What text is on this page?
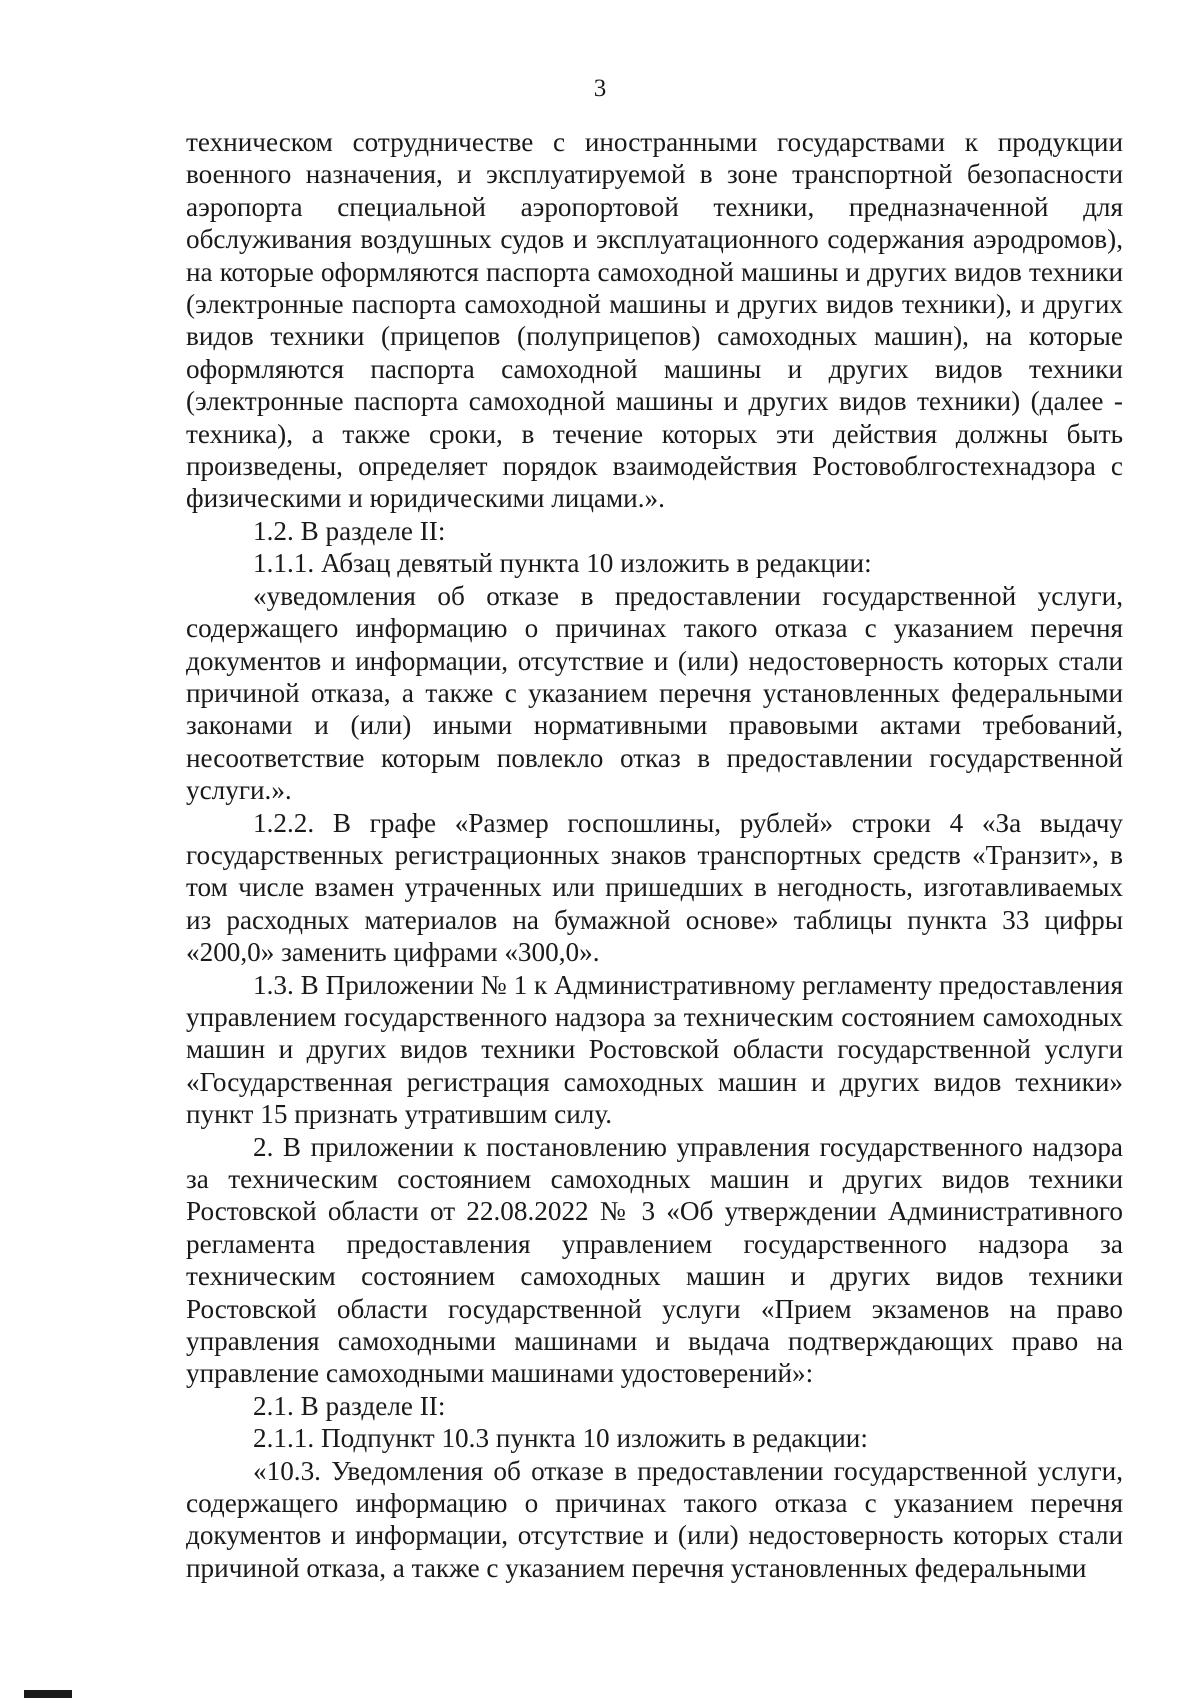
3

техническом сотрудничестве с иностранными государствами к продукции военного назначения, и эксплуатируемой в зоне транспортной безопасности аэропорта специальной аэропортовой техники, предназначенной для обслуживания воздушных судов и эксплуатационного содержания аэродромов), на которые оформляются паспорта самоходной машины и других видов техники (электронные паспорта самоходной машины и других видов техники), и других видов техники (прицепов (полуприцепов) самоходных машин), на которые оформляются паспорта самоходной машины и других видов техники (электронные паспорта самоходной машины и других видов техники) (далее - техника), а также сроки, в течение которых эти действия должны быть произведены, определяет порядок взаимодействия Ростовоблгостехнадзора с физическими и юридическими лицами.».

1.2. В разделе II:

1.1.1. Абзац девятый пункта 10 изложить в редакции:

«уведомления об отказе в предоставлении государственной услуги, содержащего информацию о причинах такого отказа с указанием перечня документов и информации, отсутствие и (или) недостоверность которых стали причиной отказа, а также с указанием перечня установленных федеральными законами и (или) иными нормативными правовыми актами требований, несоответствие которым повлекло отказ в предоставлении государственной услуги.».

1.2.2. В графе «Размер госпошлины, рублей» строки 4 «За выдачу государственных регистрационных знаков транспортных средств «Транзит», в том числе взамен утраченных или пришедших в негодность, изготавливаемых из расходных материалов на бумажной основе» таблицы пункта 33 цифры «200,0» заменить цифрами «300,0».

1.3. В Приложении № 1 к Административному регламенту предоставления управлением государственного надзора за техническим состоянием самоходных машин и других видов техники Ростовской области государственной услуги «Государственная регистрация самоходных машин и других видов техники» пункт 15 признать утратившим силу.

2. В приложении к постановлению управления государственного надзора за техническим состоянием самоходных машин и других видов техники Ростовской области от 22.08.2022 № 3 «Об утверждении Административного регламента предоставления управлением государственного надзора за техническим состоянием самоходных машин и других видов техники Ростовской области государственной услуги «Прием экзаменов на право управления самоходными машинами и выдача подтверждающих право на управление самоходными машинами удостоверений»:

2.1. В разделе II:

2.1.1. Подпункт 10.3 пункта 10 изложить в редакции:

«10.3. Уведомления об отказе в предоставлении государственной услуги, содержащего информацию о причинах такого отказа с указанием перечня документов и информации, отсутствие и (или) недостоверность которых стали причиной отказа, а также с указанием перечня установленных федеральными
